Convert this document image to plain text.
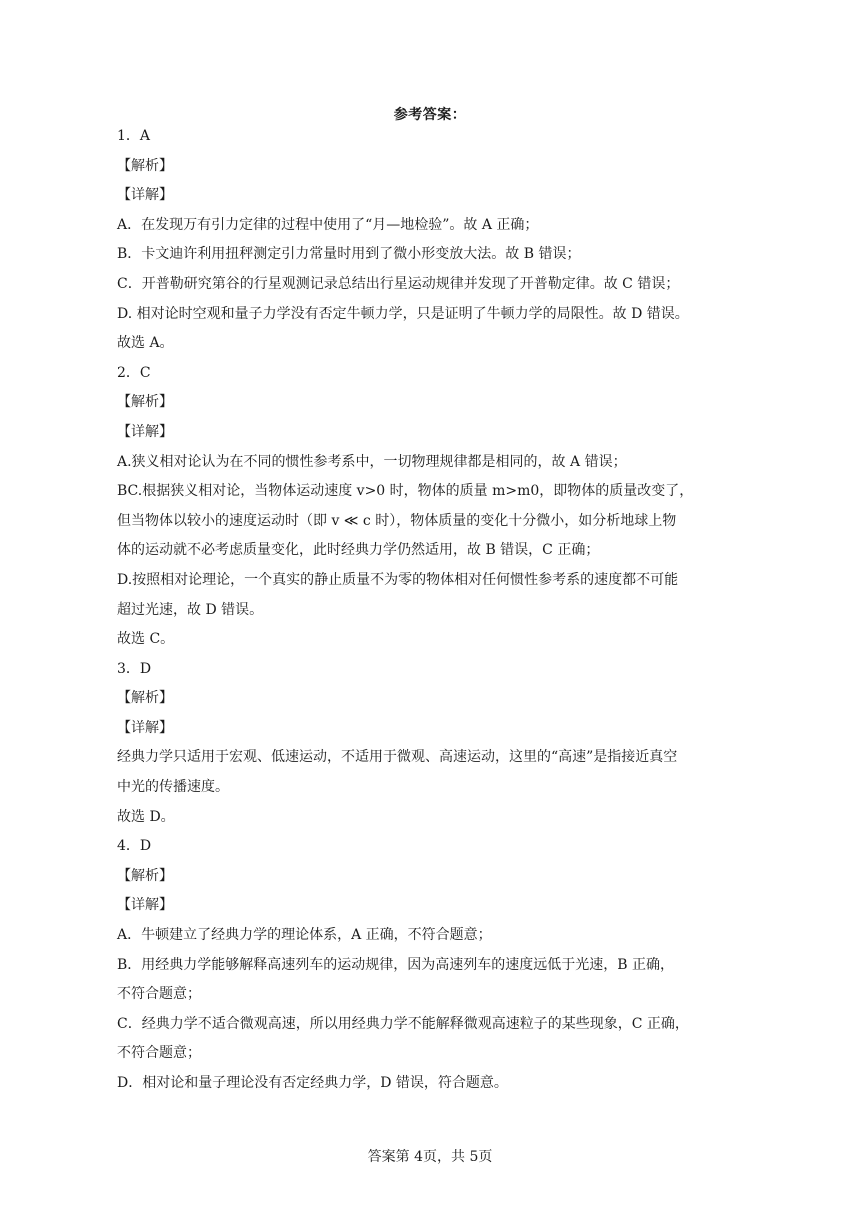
参考答案：
1．A
【解析】
【详解】
A．在发现万有引力定律的过程中使用了“月—地检验”。故 A 正确；
B．卡文迪许利用扭秤测定引力常量时用到了微小形变放大法。故 B 错误；
C．开普勒研究第谷的行星观测记录总结出行星运动规律并发现了开普勒定律。故 C 错误；
D. 相对论时空观和量子力学没有否定牛顿力学，只是证明了牛顿力学的局限性。故 D 错误。
故选 A。
2．C
【解析】
【详解】
A.狭义相对论认为在不同的惯性参考系中，一切物理规律都是相同的，故 A 错误；
BC.根据狭义相对论，当物体运动速度 v>0 时，物体的质量 m>m0，即物体的质量改变了，
但当物体以较小的速度运动时（即 v ≪ c 时），物体质量的变化十分微小，如分析地球上物
体的运动就不必考虑质量变化，此时经典力学仍然适用，故 B 错误，C 正确；
D.按照相对论理论，一个真实的静止质量不为零的物体相对任何惯性参考系的速度都不可能
超过光速，故 D 错误。
故选 C。
3．D
【解析】
【详解】
经典力学只适用于宏观、低速运动，不适用于微观、高速运动，这里的“高速”是指接近真空
中光的传播速度。
故选 D。
4．D
【解析】
【详解】
A．牛顿建立了经典力学的理论体系，A 正确，不符合题意；
B．用经典力学能够解释高速列车的运动规律，因为高速列车的速度远低于光速，B 正确，
不符合题意；
C．经典力学不适合微观高速，所以用经典力学不能解释微观高速粒子的某些现象，C 正确，
不符合题意；
D．相对论和量子理论没有否定经典力学，D 错误，符合题意。
答案第 4页，共 5页
